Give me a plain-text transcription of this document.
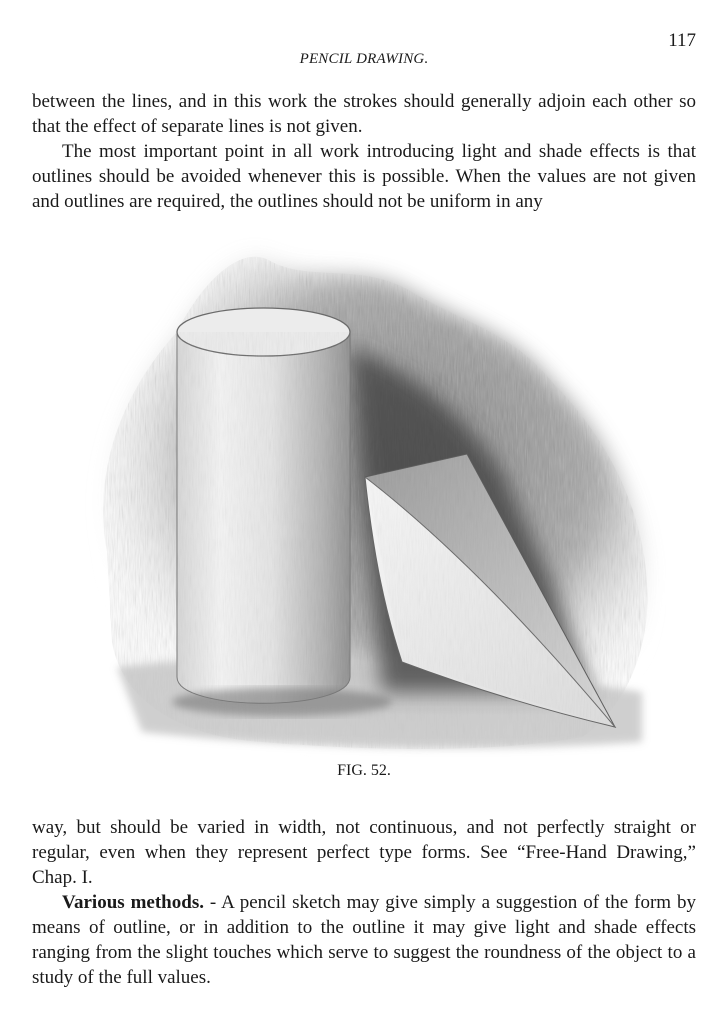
117
PENCIL DRAWING.

between the lines, and in this work the strokes should generally adjoin each other so that the effect of separate lines is not given.

The most important point in all work introducing light and shade effects is that outlines should be avoided whenever this is possible. When the values are not given and outlines are required, the outlines should not be uniform in any

FIG. 52.

way, but should be varied in width, not continuous, and not perfectly straight or regular, even when they represent perfect type forms. See “Free-Hand Drawing,” Chap. I.

Various methods. - A pencil sketch may give simply a suggestion of the form by means of outline, or in addition to the outline it may give light and shade effects ranging from the slight touches which serve to suggest the roundness of the object to a study of the full values.
